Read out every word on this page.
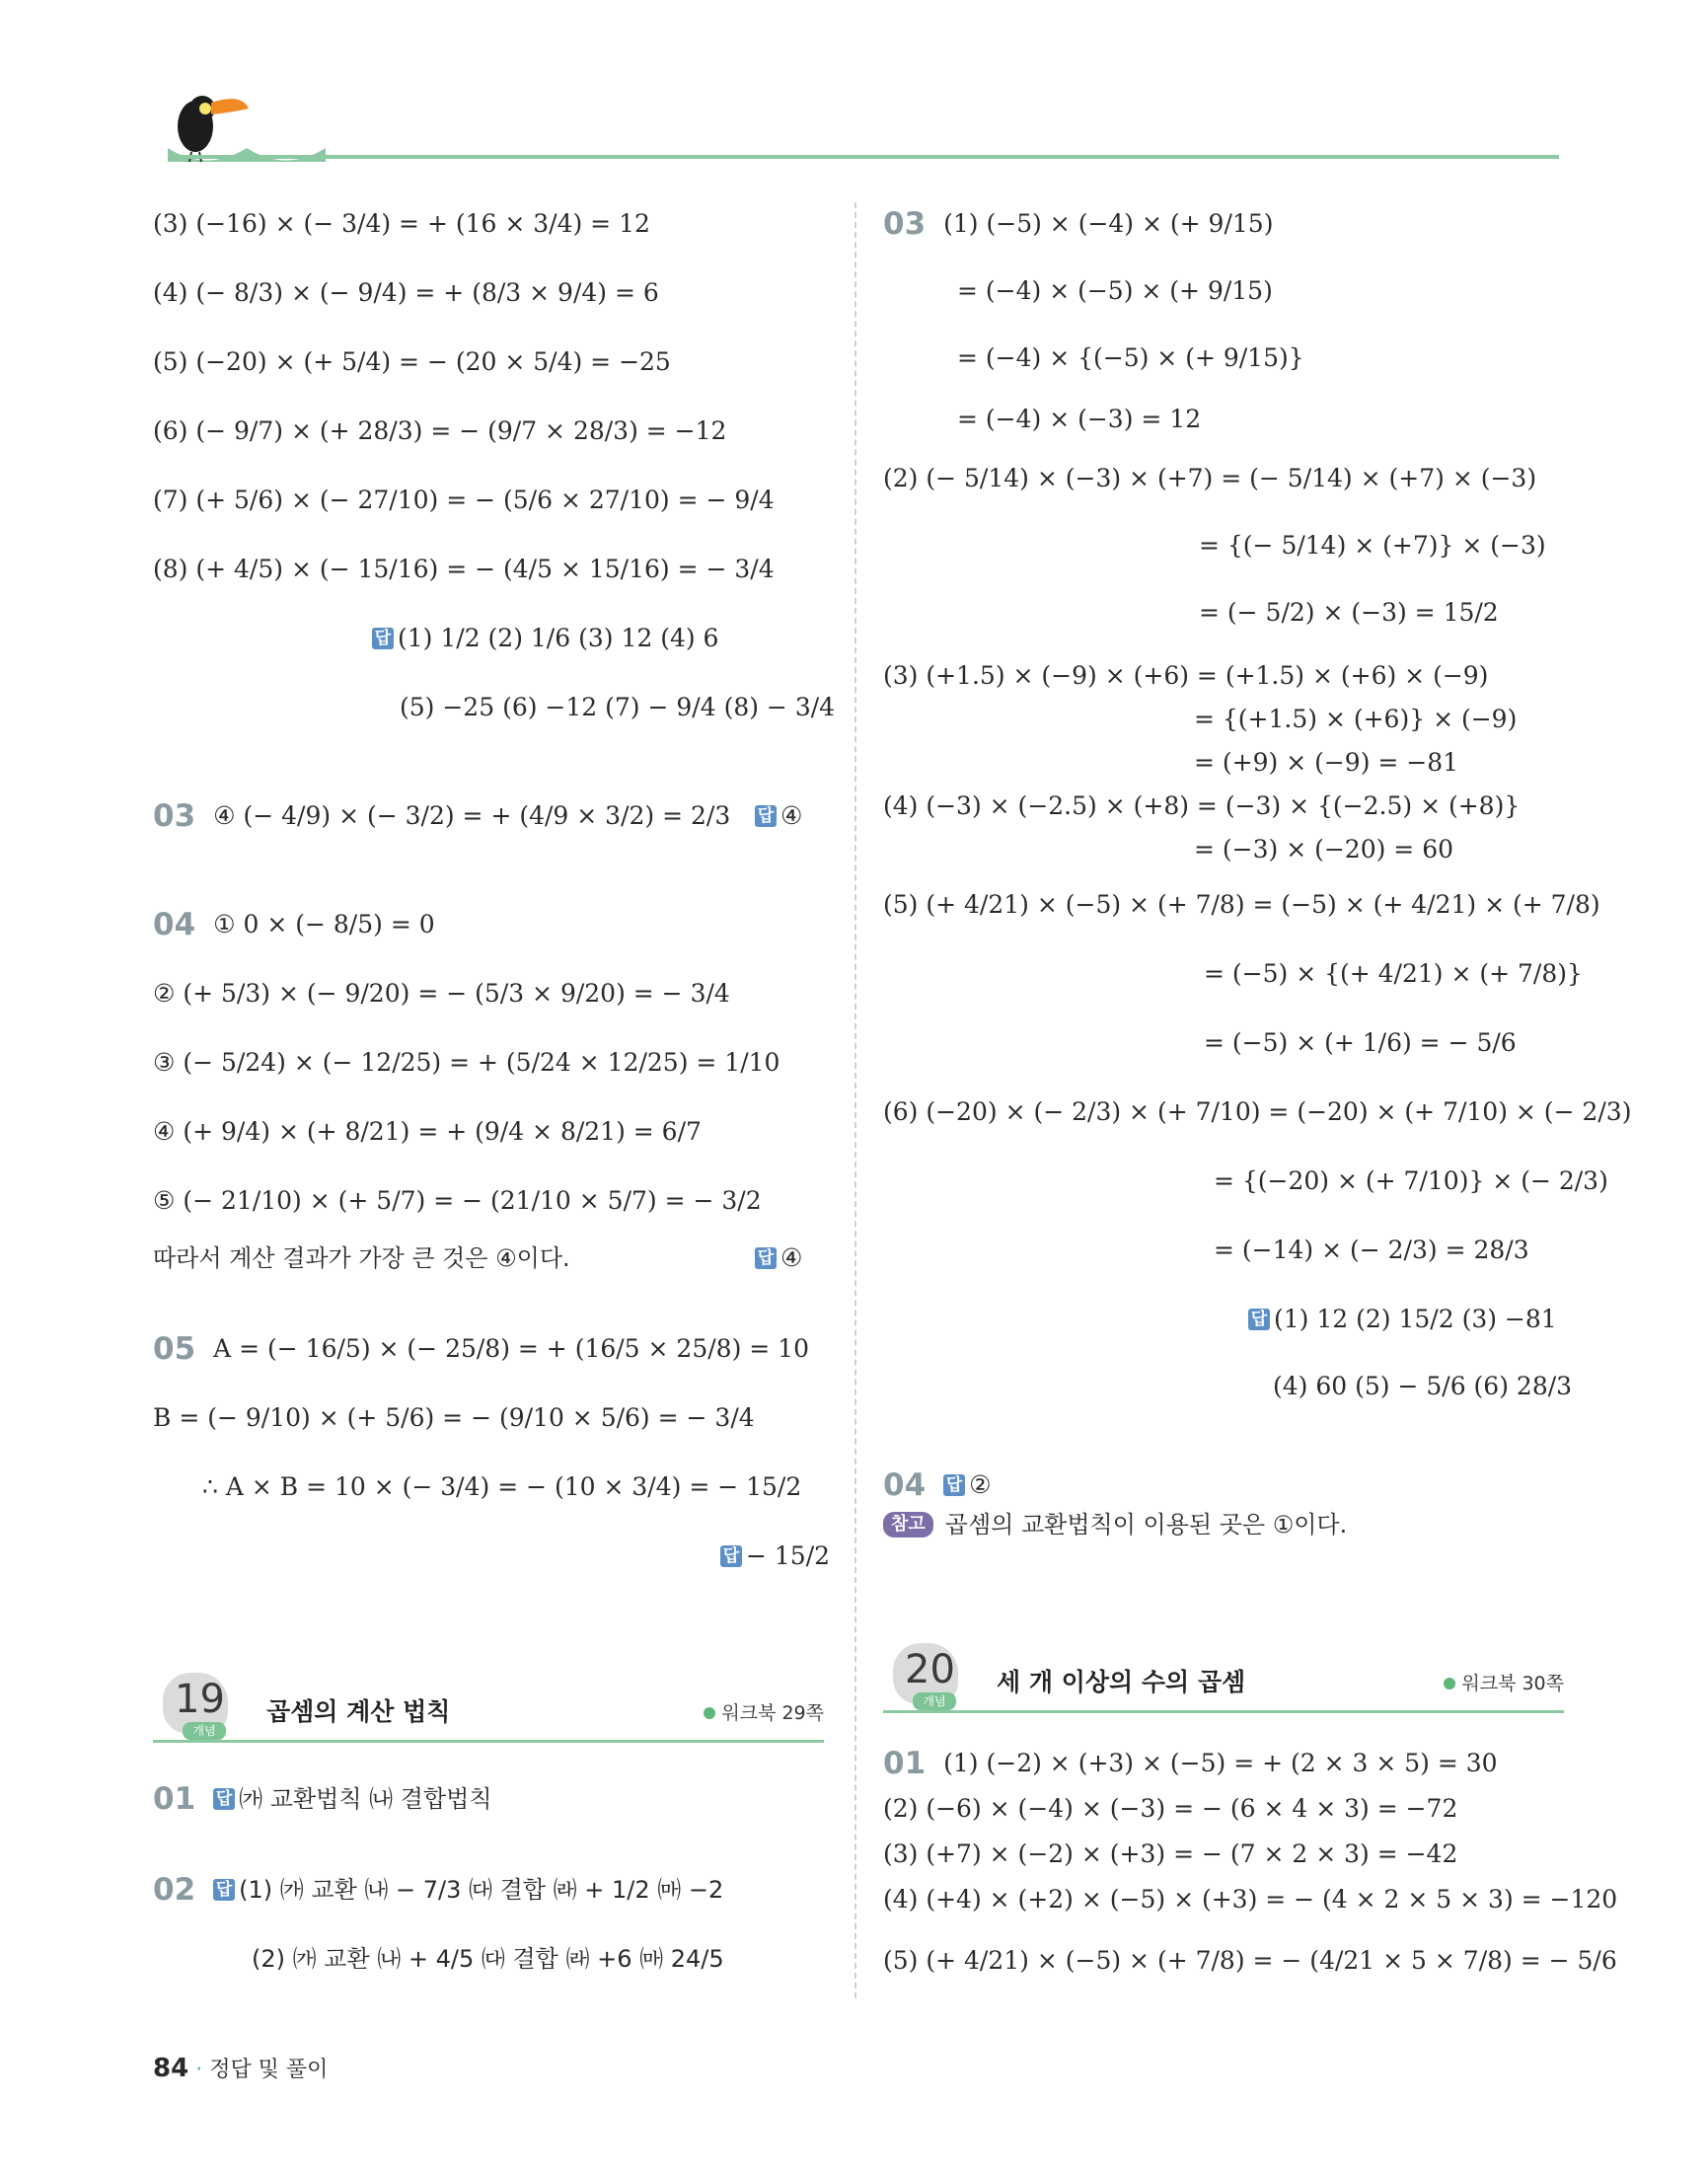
(3) (−16) × (− 3/4) = + (16 × 3/4) = 12
(4) (− 8/3) × (− 9/4) = + (8/3 × 9/4) = 6
(5) (−20) × (+ 5/4) = − (20 × 5/4) = −25
(6) (− 9/7) × (+ 28/3) = − (9/7 × 28/3) = −12
(7) (+ 5/6) × (− 27/10) = − (5/6 × 27/10) = − 9/4
(8) (+ 4/5) × (− 15/16) = − (4/5 × 15/16) = − 3/4
답 (1) 1/2 (2) 1/6 (3) 12 (4) 6
(5) −25 (6) −12 (7) − 9/4 (8) − 3/4
03 ④ (− 4/9) × (− 3/2) = + (4/9 × 3/2) = 2/3 답 ④
04 ① 0 × (− 8/5) = 0
② (+ 5/3) × (− 9/20) = − (5/3 × 9/20) = − 3/4
③ (− 5/24) × (− 12/25) = + (5/24 × 12/25) = 1/10
④ (+ 9/4) × (+ 8/21) = + (9/4 × 8/21) = 6/7
⑤ (− 21/10) × (+ 5/7) = − (21/10 × 5/7) = − 3/2
따라서 계산 결과가 가장 큰 것은 ④이다.	답 ④
05 A = (− 16/5) × (− 25/8) = + (16/5 × 25/8) = 10
B = (− 9/10) × (+ 5/6) = − (9/10 × 5/6) = − 3/4
∴ A × B = 10 × (− 3/4) = − (10 × 3/4) = − 15/2
답 − 15/2
19
개념
곱셈의 계산 법칙	워크북 29쪽
01 답 ㈎ 교환법칙 ㈏ 결합법칙
02 답 (1) ㈎ 교환 ㈏ − 7/3 ㈐ 결합 ㈑ + 1/2 ㈒ −2
(2) ㈎ 교환 ㈏ + 4/5 ㈐ 결합 ㈑ +6 ㈒ 24/5
03 (1) (−5) × (−4) × (+ 9/15)
= (−4) × (−5) × (+ 9/15)
= (−4) × {(−5) × (+ 9/15)}
= (−4) × (−3) = 12
(2) (− 5/14) × (−3) × (+7) = (− 5/14) × (+7) × (−3)
= {(− 5/14) × (+7)} × (−3)
= (− 5/2) × (−3) = 15/2
(3) (+1.5) × (−9) × (+6) = (+1.5) × (+6) × (−9)
= {(+1.5) × (+6)} × (−9)
= (+9) × (−9) = −81
(4) (−3) × (−2.5) × (+8) = (−3) × {(−2.5) × (+8)}
= (−3) × (−20) = 60
(5) (+ 4/21) × (−5) × (+ 7/8) = (−5) × (+ 4/21) × (+ 7/8)
= (−5) × {(+ 4/21) × (+ 7/8)}
= (−5) × (+ 1/6) = − 5/6
(6) (−20) × (− 2/3) × (+ 7/10) = (−20) × (+ 7/10) × (− 2/3)
= {(−20) × (+ 7/10)} × (− 2/3)
= (−14) × (− 2/3) = 28/3
답 (1) 12 (2) 15/2 (3) −81
(4) 60 (5) − 5/6 (6) 28/3
04 답 ②
참고 곱셈의 교환법칙이 이용된 곳은 ①이다.
20
개념
세 개 이상의 수의 곱셈	워크북 30쪽
01 (1) (−2) × (+3) × (−5) = + (2 × 3 × 5) = 30
(2) (−6) × (−4) × (−3) = − (6 × 4 × 3) = −72
(3) (+7) × (−2) × (+3) = − (7 × 2 × 3) = −42
(4) (+4) × (+2) × (−5) × (+3) = − (4 × 2 × 5 × 3) = −120
(5) (+ 4/21) × (−5) × (+ 7/8) = − (4/21 × 5 × 7/8) = − 5/6
84 · 정답 및 풀이
